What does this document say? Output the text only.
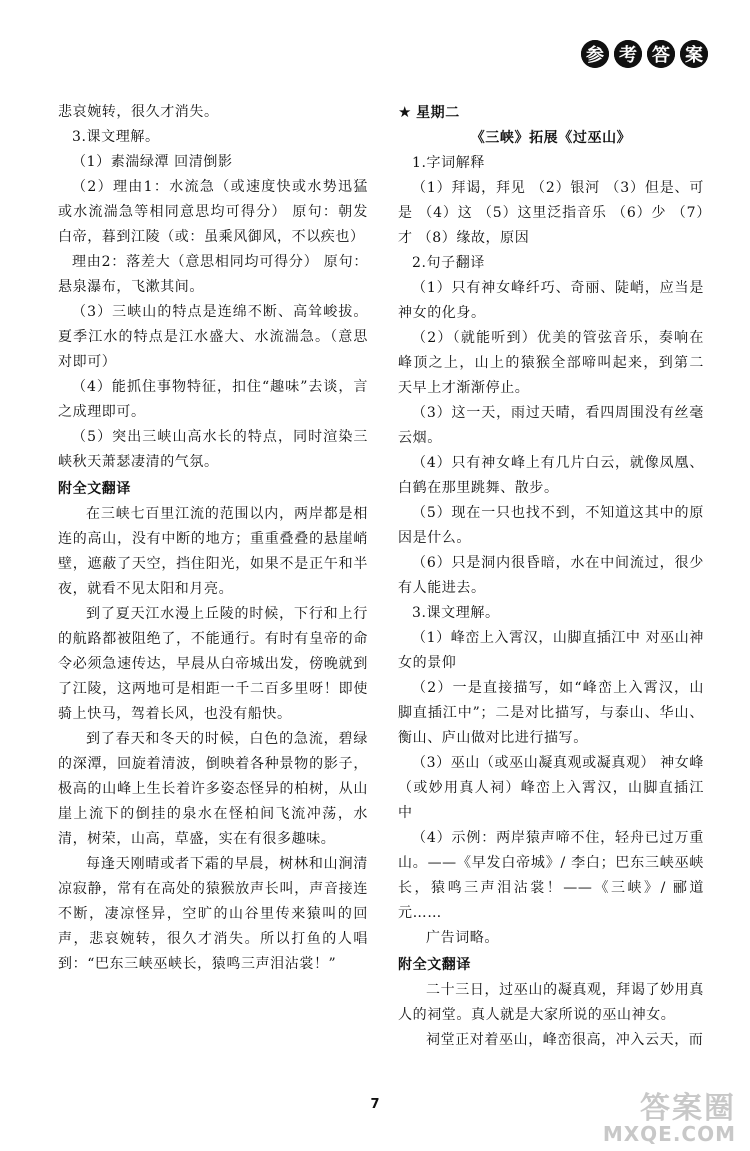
参 考 答 案

悲哀婉转，很久才消失。

3.课文理解。

（1）素湍绿潭 回清倒影

（2）理由1：水流急（或速度快或水势迅猛或水流湍急等相同意思均可得分） 原句：朝发白帝，暮到江陵（或：虽乘风御风，不以疾也）

理由2：落差大（意思相同均可得分） 原句：悬泉瀑布，飞漱其间。

（3）三峡山的特点是连绵不断、高耸峻拔。夏季江水的特点是江水盛大、水流湍急。（意思对即可）

（4）能抓住事物特征，扣住“趣味”去谈，言之成理即可。

（5）突出三峡山高水长的特点，同时渲染三峡秋天萧瑟凄清的气氛。

附全文翻译

在三峡七百里江流的范围以内，两岸都是相连的高山，没有中断的地方；重重叠叠的悬崖峭壁，遮蔽了天空，挡住阳光，如果不是正午和半夜，就看不见太阳和月亮。

到了夏天江水漫上丘陵的时候，下行和上行的航路都被阻绝了，不能通行。有时有皇帝的命令必须急速传达，早晨从白帝城出发，傍晚就到了江陵，这两地可是相距一千二百多里呀！即使骑上快马，驾着长风，也没有船快。

到了春天和冬天的时候，白色的急流，碧绿的深潭，回旋着清波，倒映着各种景物的影子，极高的山峰上生长着许多姿态怪异的柏树，从山崖上流下的倒挂的泉水在怪柏间飞流冲荡，水清，树荣，山高，草盛，实在有很多趣味。

每逢天刚晴或者下霜的早晨，树林和山涧清凉寂静，常有在高处的猿猴放声长叫，声音接连不断，凄凉怪异，空旷的山谷里传来猿叫的回声，悲哀婉转，很久才消失。所以打鱼的人唱到：“巴东三峡巫峡长，猿鸣三声泪沾裳！”

★ 星期二

《三峡》拓展《过巫山》

1.字词解释

（1）拜谒，拜见 （2）银河 （3）但是、可是 （4）这 （5）这里泛指音乐 （6）少 （7）才 （8）缘故，原因

2.句子翻译

（1）只有神女峰纤巧、奇丽、陡峭，应当是神女的化身。

（2）（就能听到）优美的管弦音乐，奏响在峰顶之上，山上的猿猴全部啼叫起来，到第二天早上才渐渐停止。

（3）这一天，雨过天晴，看四周围没有丝毫云烟。

（4）只有神女峰上有几片白云，就像凤凰、白鹤在那里跳舞、散步。

（5）现在一只也找不到，不知道这其中的原因是什么。

（6）只是洞内很昏暗，水在中间流过，很少有人能进去。

3.课文理解。

（1）峰峦上入霄汉，山脚直插江中 对巫山神女的景仰

（2）一是直接描写，如“峰峦上入霄汉，山脚直插江中”；二是对比描写，与泰山、华山、衡山、庐山做对比进行描写。

（3）巫山（或巫山凝真观或凝真观） 神女峰（或妙用真人祠）峰峦上入霄汉，山脚直插江中

（4）示例：两岸猿声啼不住，轻舟已过万重山。——《早发白帝城》/ 李白；巴东三峡巫峡长，猿鸣三声泪沾裳！——《三峡》/ 郦道元……

广告词略。

附全文翻译

二十三日，过巫山的凝真观，拜谒了妙用真人的祠堂。真人就是大家所说的巫山神女。

祠堂正对着巫山，峰峦很高，冲入云天，而

7	答案圈
MXQE.COM
